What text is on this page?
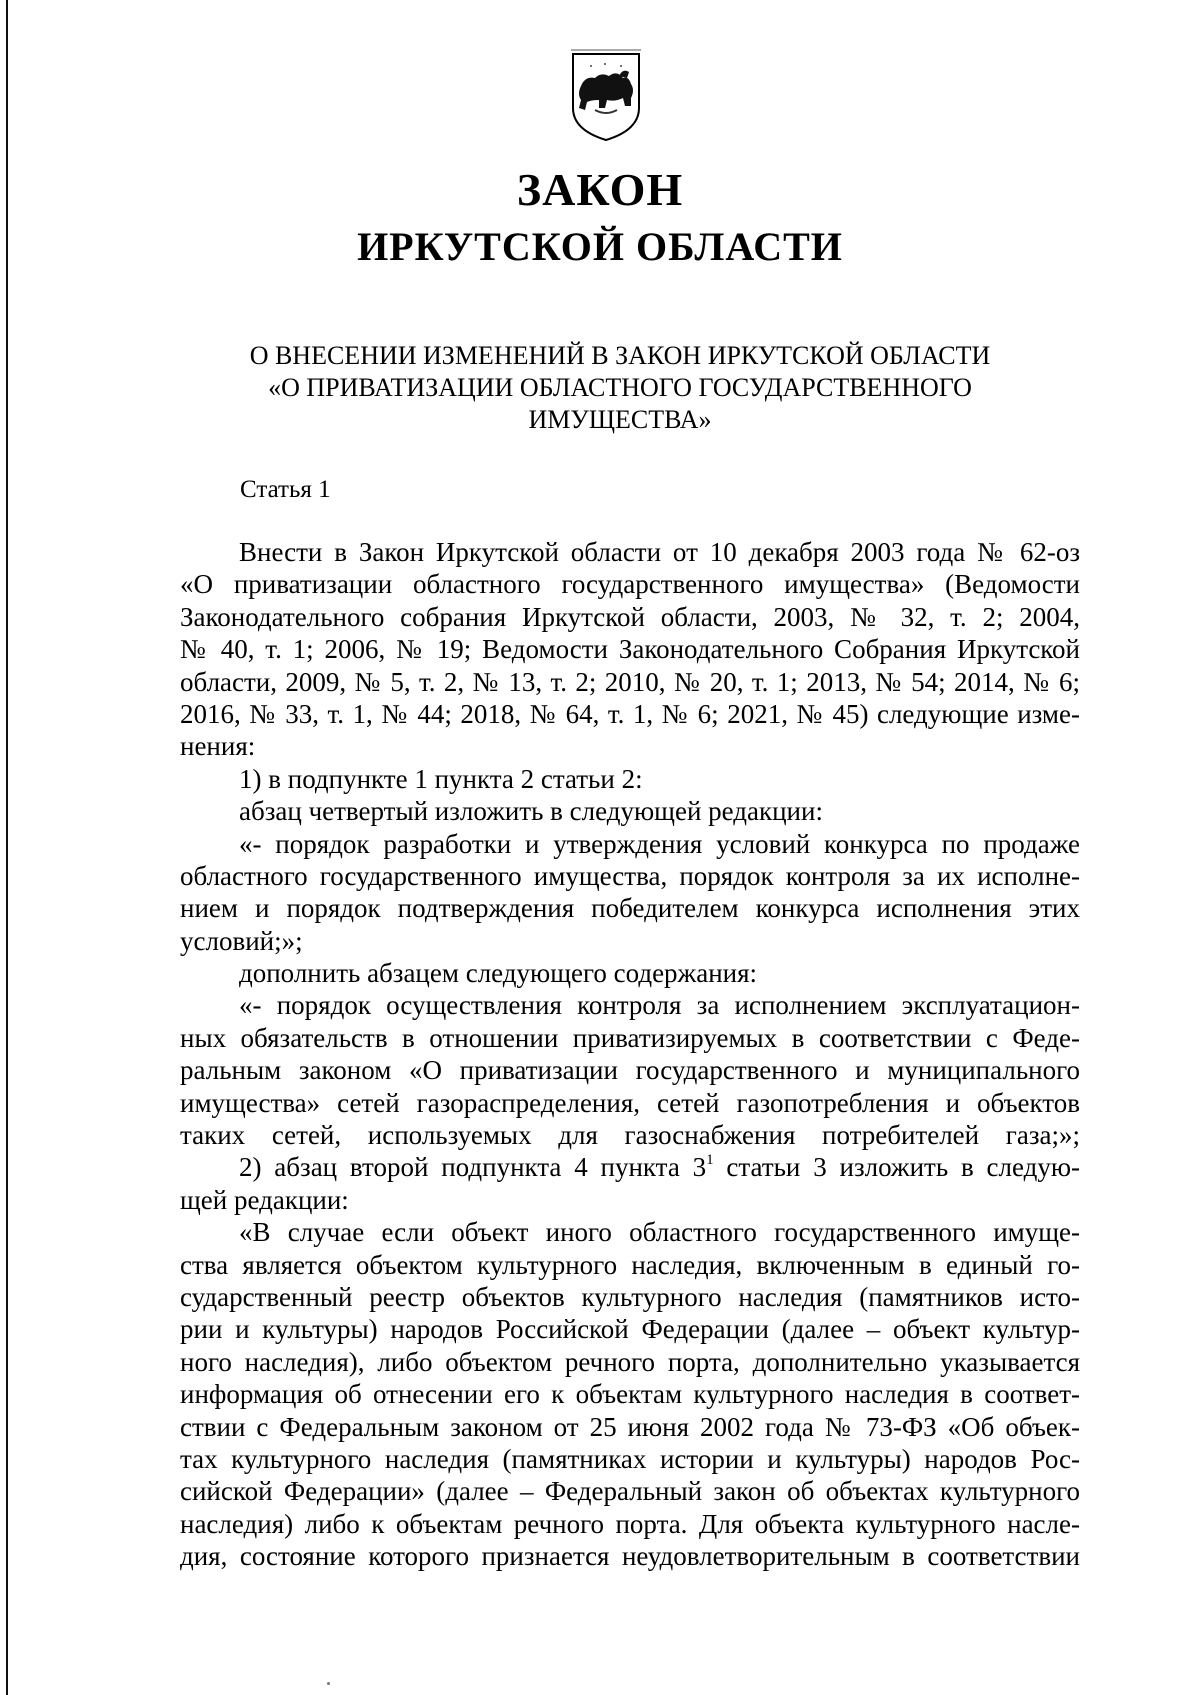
ЗАКОН
ИРКУТСКОЙ ОБЛАСТИ
О ВНЕСЕНИИ ИЗМЕНЕНИЙ В ЗАКОН ИРКУТСКОЙ ОБЛАСТИ
«О ПРИВАТИЗАЦИИ ОБЛАСТНОГО ГОСУДАРСТВЕННОГО
ИМУЩЕСТВА»
Статья 1
Внести в Закон Иркутской области от 10 декабря 2003 года № 62-оз
«О приватизации областного государственного имущества» (Ведомости
Законодательного собрания Иркутской области, 2003, № 32, т. 2; 2004,
№ 40, т. 1; 2006, № 19; Ведомости Законодательного Собрания Иркутской
области, 2009, № 5, т. 2, № 13, т. 2; 2010, № 20, т. 1; 2013, № 54; 2014, № 6;
2016, № 33, т. 1, № 44; 2018, № 64, т. 1, № 6; 2021, № 45) следующие изме-
нения:
1) в подпункте 1 пункта 2 статьи 2:
абзац четвертый изложить в следующей редакции:
«- порядок разработки и утверждения условий конкурса по продаже
областного государственного имущества, порядок контроля за их исполне-
нием и порядок подтверждения победителем конкурса исполнения этих
условий;»;
дополнить абзацем следующего содержания:
«- порядок осуществления контроля за исполнением эксплуатацион-
ных обязательств в отношении приватизируемых в соответствии с Феде-
ральным законом «О приватизации государственного и муниципального
имущества» сетей газораспределения, сетей газопотребления и объектов
таких сетей, используемых для газоснабжения потребителей газа;»;
2) абзац второй подпункта 4 пункта $3^1$ статьи 3 изложить в следую-
щей редакции:
«В случае если объект иного областного государственного имуще-
ства является объектом культурного наследия, включенным в единый го-
сударственный реестр объектов культурного наследия (памятников исто-
рии и культуры) народов Российской Федерации (далее – объект культур-
ного наследия), либо объектом речного порта, дополнительно указывается
информация об отнесении его к объектам культурного наследия в соответ-
ствии с Федеральным законом от 25 июня 2002 года № 73-ФЗ «Об объек-
тах культурного наследия (памятниках истории и культуры) народов Рос-
сийской Федерации» (далее – Федеральный закон об объектах культурного
наследия) либо к объектам речного порта. Для объекта культурного насле-
дия, состояние которого признается неудовлетворительным в соответствии
